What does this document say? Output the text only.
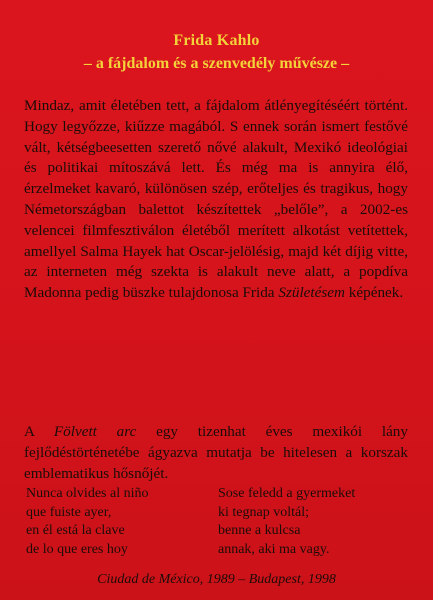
Frida Kahlo
– a fájdalom és a szenvedély művésze –
Mindaz, amit életében tett, a fájdalom átlényegítéséért történt. Hogy legyőzze, kiűzze magából. S ennek során ismert festővé vált, kétségbeesetten szerető nővé alakult, Mexikó ideológiai és politikai mítoszává lett. És még ma is annyira élő, érzelmeket kavaró, különösen szép, erőteljes és tragikus, hogy Németországban balettot készítettek „belőle”, a 2002-es velencei filmfesztiválon életéből merített alkotást vetítettek, amellyel Salma Hayek hat Oscar-jelölésig, majd két díjig vitte, az interneten még szekta is alakult neve alatt, a popdíva Madonna pedig büszke tulajdonosa Frida Születésem képének.
A Fölvett arc egy tizenhat éves mexikói lány fejlődéstörténetébe ágyazva mutatja be hitelesen a korszak emblematikus hősnőjét.
Nunca olvides al niño
que fuiste ayer,
en él está la clave
de lo que eres hoy
Sose feledd a gyermeket
ki tegnap voltál;
benne a kulcsa
annak, aki ma vagy.
Ciudad de México, 1989 – Budapest, 1998
